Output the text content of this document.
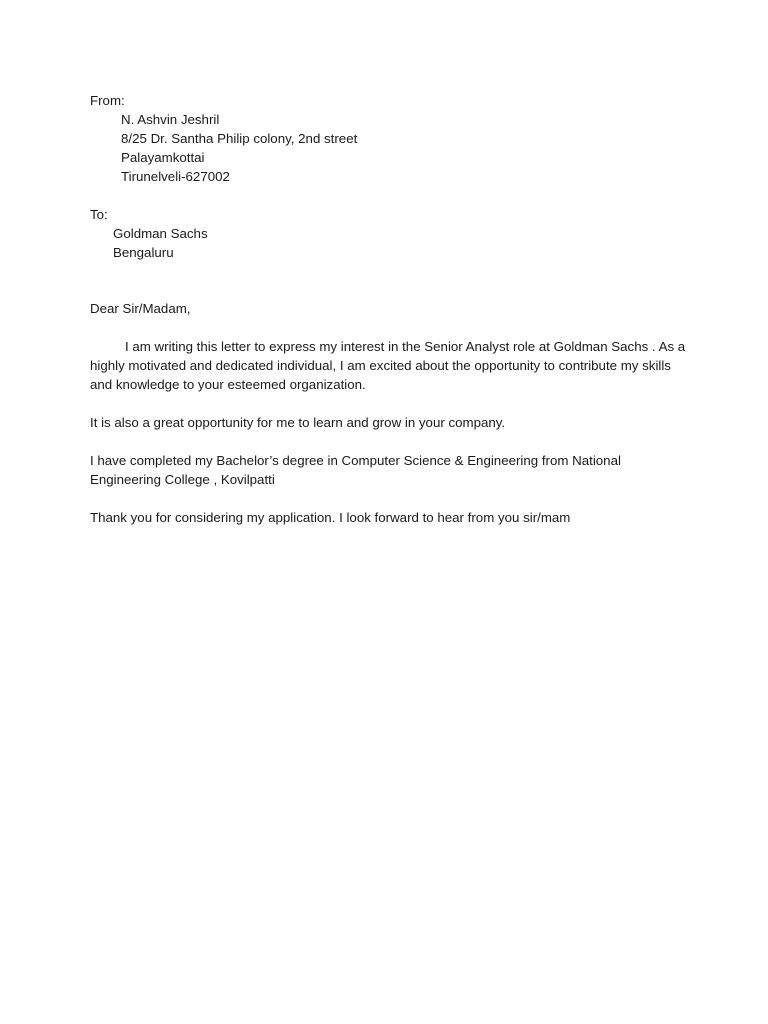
From:
N. Ashvin Jeshril
8/25 Dr. Santha Philip colony, 2nd street
Palayamkottai
Tirunelveli-627002
To:
Goldman Sachs
Bengaluru
Dear Sir/Madam,

I am writing this letter to express my interest in the Senior Analyst role at Goldman Sachs . As a highly motivated and dedicated individual, I am excited about the opportunity to contribute my skills and knowledge to your esteemed organization.

It is also a great opportunity for me to learn and grow in your company.

I have completed my Bachelor’s degree in Computer Science & Engineering from National Engineering College , Kovilpatti

Thank you for considering my application. I look forward to hear from you sir/mam
